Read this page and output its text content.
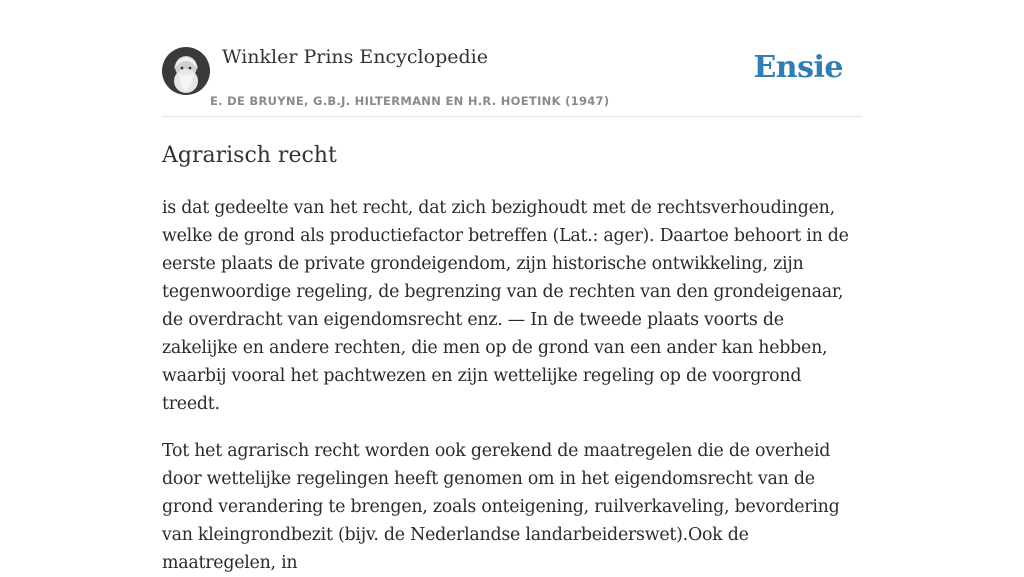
Winkler Prins Encyclopedie
E. DE BRUYNE, G.B.J. HILTERMANN EN H.R. HOETINK (1947)
Ensie
Agrarisch recht

is dat gedeelte van het recht, dat zich bezighoudt met de rechtsverhoudingen, welke de grond als productiefactor betreffen (Lat.: ager). Daartoe behoort in de eerste plaats de private grondeigendom, zijn historische ontwikkeling, zijn tegenwoordige regeling, de begrenzing van de rechten van den grondeigenaar, de overdracht van eigendomsrecht enz. — In de tweede plaats voorts de zakelijke en andere rechten, die men op de grond van een ander kan hebben, waarbij vooral het pachtwezen en zijn wettelijke regeling op de voorgrond treedt.

Tot het agrarisch recht worden ook gerekend de maatregelen die de overheid door wettelijke regelingen heeft genomen om in het eigendomsrecht van de grond verandering te brengen, zoals onteigening, ruilverkaveling, bevordering van kleingrondbezit (bijv. de Nederlandse landarbeiderswet).Ook de maatregelen, in
